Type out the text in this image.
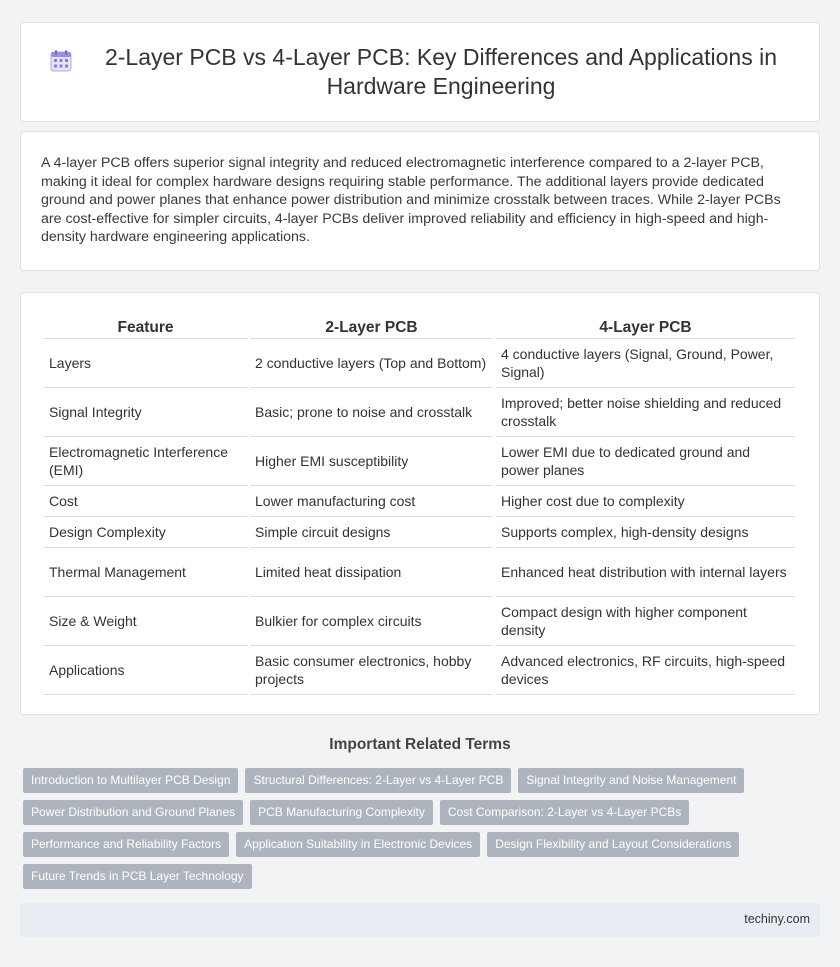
2-Layer PCB vs 4-Layer PCB: Key Differences and Applications in Hardware Engineering

A 4-layer PCB offers superior signal integrity and reduced electromagnetic interference compared to a 2-layer PCB, making it ideal for complex hardware designs requiring stable performance. The additional layers provide dedicated ground and power planes that enhance power distribution and minimize crosstalk between traces. While 2-layer PCBs are cost-effective for simpler circuits, 4-layer PCBs deliver improved reliability and efficiency in high-speed and high-density hardware engineering applications.

Feature	2-Layer PCB	4-Layer PCB
Layers	2 conductive layers (Top and Bottom)	4 conductive layers (Signal, Ground, Power, Signal)
Signal Integrity	Basic; prone to noise and crosstalk	Improved; better noise shielding and reduced crosstalk
Electromagnetic Interference (EMI)	Higher EMI susceptibility	Lower EMI due to dedicated ground and power planes
Cost	Lower manufacturing cost	Higher cost due to complexity
Design Complexity	Simple circuit designs	Supports complex, high-density designs
Thermal Management	Limited heat dissipation	Enhanced heat distribution with internal layers
Size & Weight	Bulkier for complex circuits	Compact design with higher component density
Applications	Basic consumer electronics, hobby projects	Advanced electronics, RF circuits, high-speed devices
Important Related Terms
Introduction to Multilayer PCB Design	Structural Differences: 2-Layer vs 4-Layer PCB	Signal Integrity and Noise Management
Power Distribution and Ground Planes	PCB Manufacturing Complexity	Cost Comparison: 2-Layer vs 4-Layer PCBs
Performance and Reliability Factors	Application Suitability in Electronic Devices	Design Flexibility and Layout Considerations
Future Trends in PCB Layer Technology
techiny.com
